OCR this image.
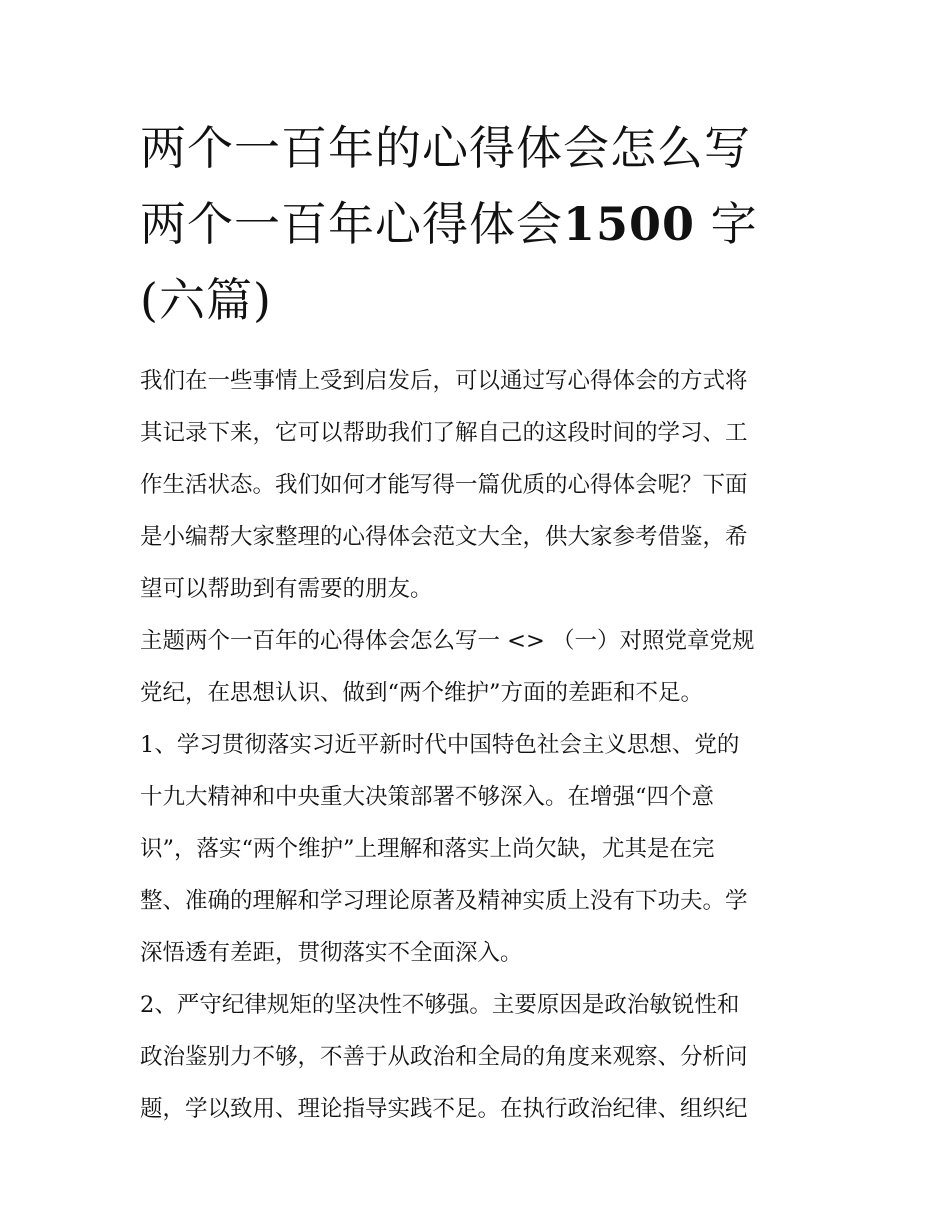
两个一百年的心得体会怎么写
两个一百年心得体会1500 字
(六篇)

我们在一些事情上受到启发后，可以通过写心得体会的方式将
其记录下来，它可以帮助我们了解自己的这段时间的学习、工
作生活状态。我们如何才能写得一篇优质的心得体会呢？下面
是小编帮大家整理的心得体会范文大全，供大家参考借鉴，希
望可以帮助到有需要的朋友。

主题两个一百年的心得体会怎么写一 <> （一）对照党章党规
党纪，在思想认识、做到“两个维护”方面的差距和不足。

1、学习贯彻落实习近平新时代中国特色社会主义思想、党的
十九大精神和中央重大决策部署不够深入。在增强“四个意
识”，落实“两个维护”上理解和落实上尚欠缺，尤其是在完
整、准确的理解和学习理论原著及精神实质上没有下功夫。学
深悟透有差距，贯彻落实不全面深入。

2、严守纪律规矩的坚决性不够强。主要原因是政治敏锐性和
政治鉴别力不够，不善于从政治和全局的角度来观察、分析问
题，学以致用、理论指导实践不足。在执行政治纪律、组织纪
